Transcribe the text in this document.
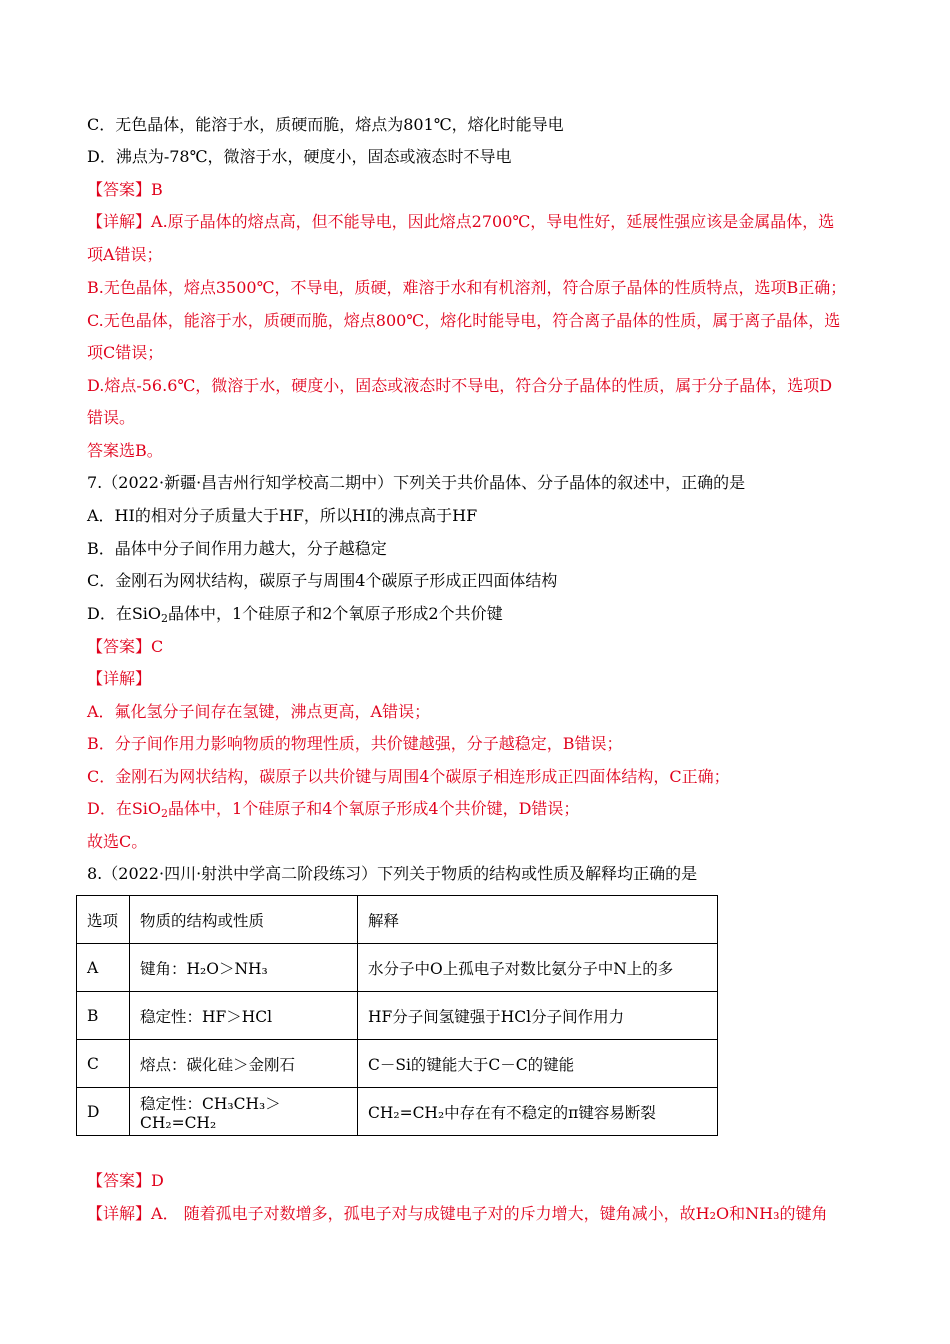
C．无色晶体，能溶于水，质硬而脆，熔点为801℃，熔化时能导电
D．沸点为-78℃，微溶于水，硬度小，固态或液态时不导电
【答案】B
【详解】A.原子晶体的熔点高，但不能导电，因此熔点2700℃，导电性好，延展性强应该是金属晶体，选
项A错误；
B.无色晶体，熔点3500℃，不导电，质硬，难溶于水和有机溶剂，符合原子晶体的性质特点，选项B正确；
C.无色晶体，能溶于水，质硬而脆，熔点800℃，熔化时能导电，符合离子晶体的性质，属于离子晶体，选
项C错误；
D.熔点-56.6℃，微溶于水，硬度小，固态或液态时不导电，符合分子晶体的性质，属于分子晶体，选项D
错误。
答案选B。
7.（2022·新疆·昌吉州行知学校高二期中）下列关于共价晶体、分子晶体的叙述中，正确的是
A．HI的相对分子质量大于HF，所以HI的沸点高于HF
B．晶体中分子间作用力越大，分子越稳定
C．金刚石为网状结构，碳原子与周围4个碳原子形成正四面体结构
D．在SiO$_2$晶体中，1个硅原子和2个氧原子形成2个共价键
【答案】C
【详解】
A．氟化氢分子间存在氢键，沸点更高，A错误；
B．分子间作用力影响物质的物理性质，共价键越强，分子越稳定，B错误；
C．金刚石为网状结构，碳原子以共价键与周围4个碳原子相连形成正四面体结构，C正确；
D．在SiO$_2$晶体中，1个硅原子和4个氧原子形成4个共价键，D错误；
故选C。
8.（2022·四川·射洪中学高二阶段练习）下列关于物质的结构或性质及解释均正确的是
选项	物质的结构或性质	解释
A	键角：H₂O＞NH₃	水分子中O上孤电子对数比氨分子中N上的多
B	稳定性：HF＞HCl	HF分子间氢键强于HCl分子间作用力
C	熔点：碳化硅＞金刚石	C－Si的键能大于C－C的键能
D	稳定性：CH₃CH₃＞CH₂=CH₂	CH₂=CH₂中存在有不稳定的π键容易断裂
【答案】D
【详解】A． 随着孤电子对数增多，孤电子对与成键电子对的斥力增大，键角减小，故H₂O和NH₃的键角
